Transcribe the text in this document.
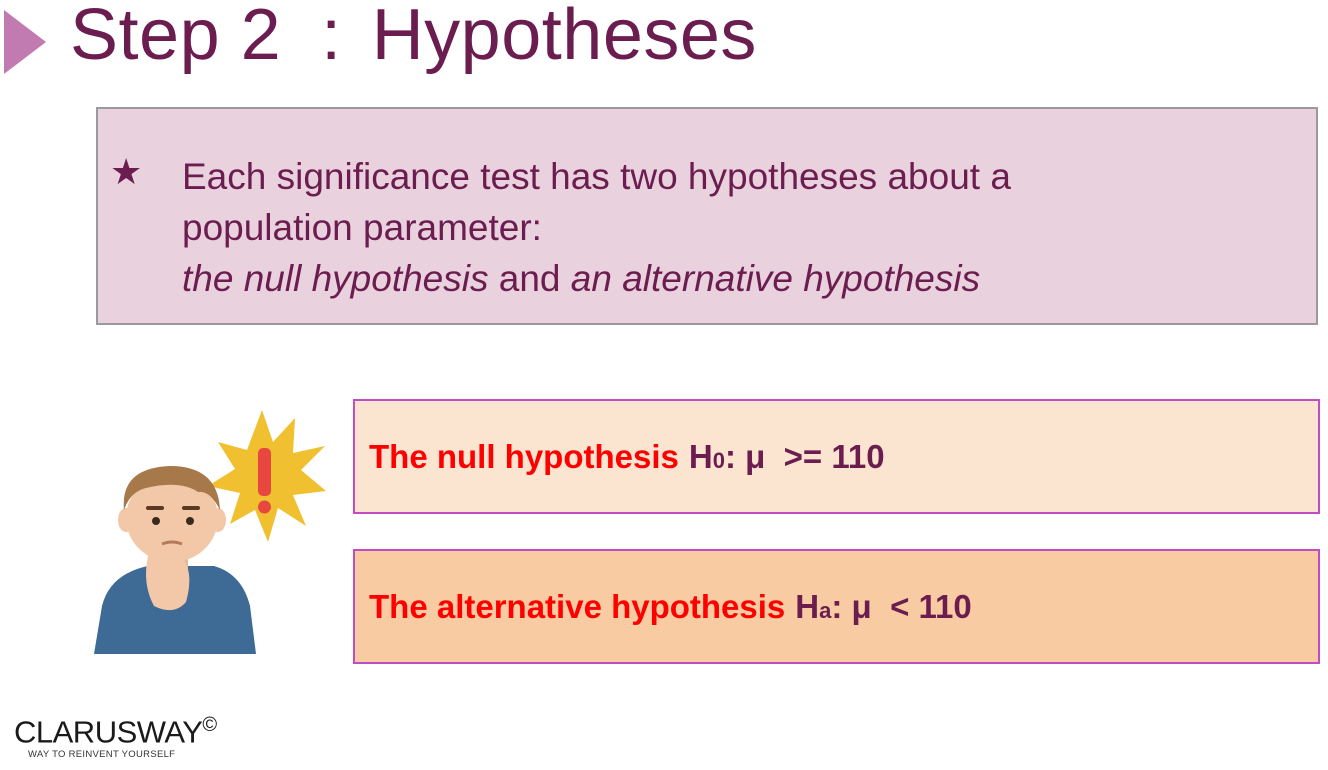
Step 2 : Hypotheses
★ Each significance test has two hypotheses about a
population parameter:
the null hypothesis and an alternative hypothesis
The null hypothesis H0: μ  >= 110
The alternative hypothesis Ha: μ  < 110
CLARUSWAY©
WAY TO REINVENT YOURSELF
